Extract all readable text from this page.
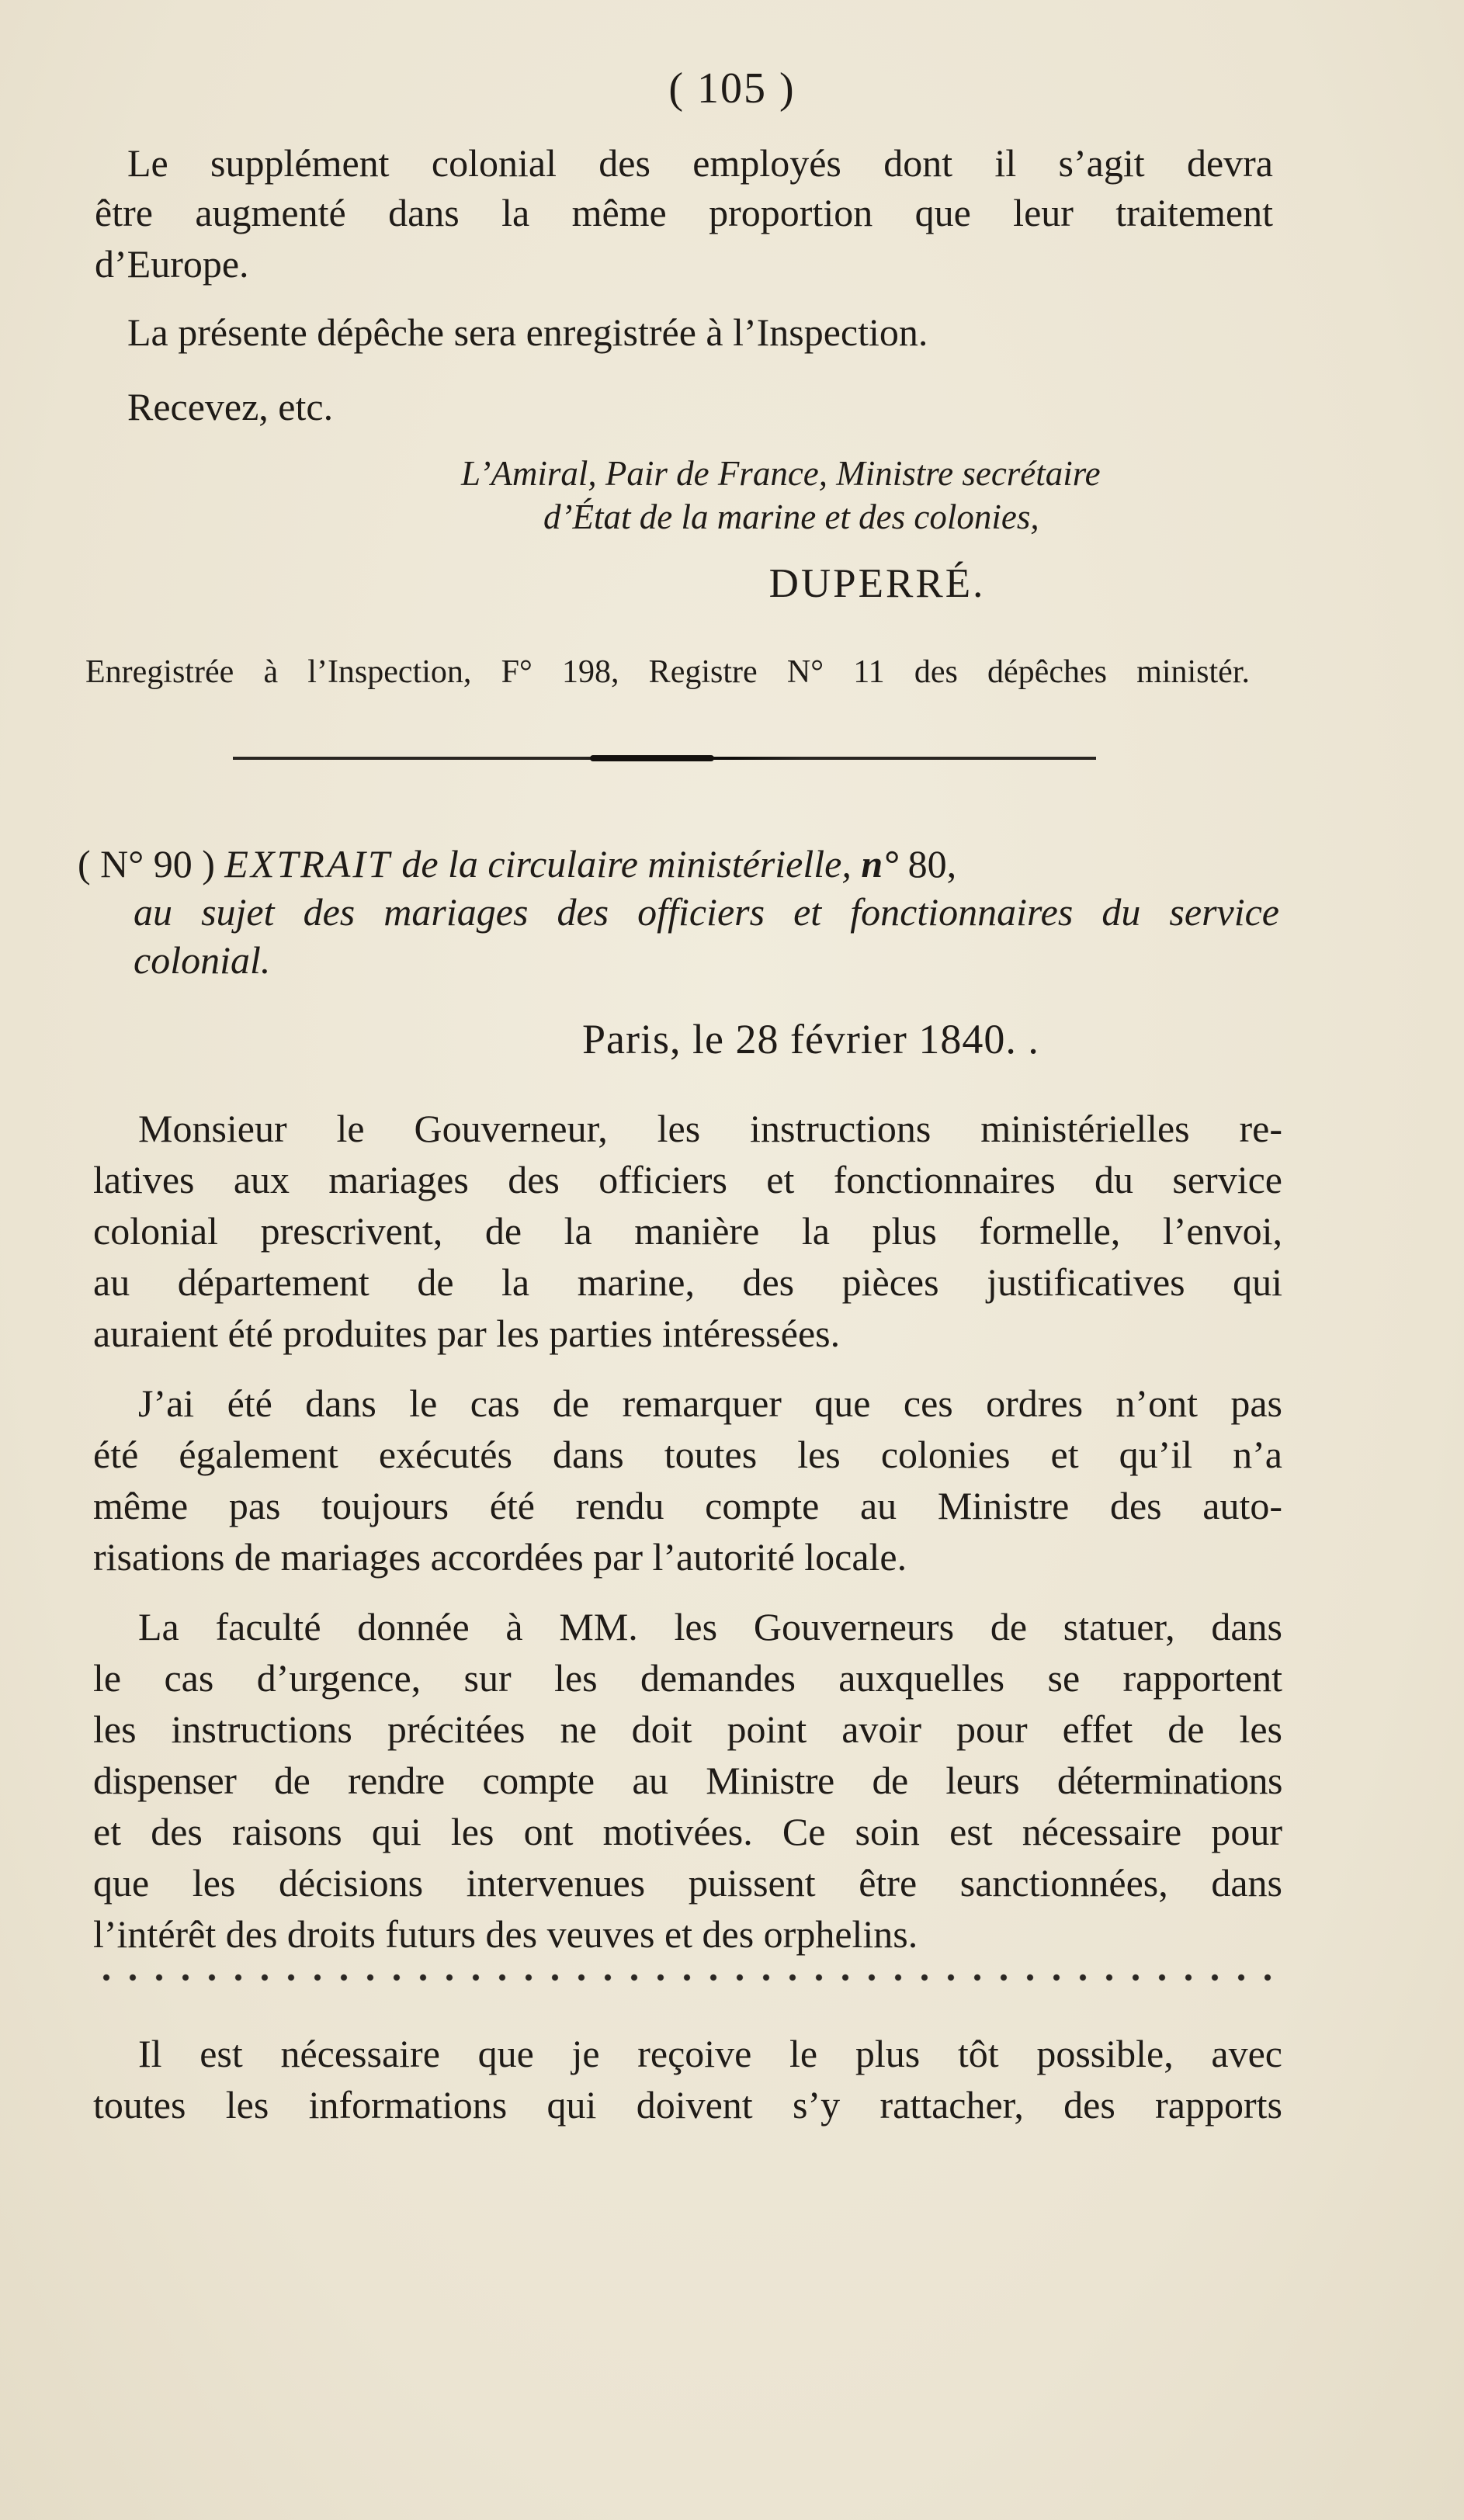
( 105 )

Le supplément colonial des employés dont il s’agit devra

être augmenté dans la même proportion que leur traitement

d’Europe.

La présente dépêche sera enregistrée à l’Inspection.

Recevez, etc.

L’Amiral, Pair de France, Ministre secrétaire

d’État de la marine et des colonies,

DUPERRÉ.

Enregistrée à l’Inspection, F° 198, Registre N° 11 des dépêches ministér.

( N° 90 ) EXTRAIT de la circulaire ministérielle, n° 80,

au sujet des mariages des officiers et fonctionnaires du service

colonial.

Paris, le 28 février 1840. .

Monsieur le Gouverneur, les instructions ministérielles re-

latives aux mariages des officiers et fonctionnaires du service

colonial prescrivent, de la manière la plus formelle, l’envoi,

au département de la marine, des pièces justificatives qui

auraient été produites par les parties intéressées.

J’ai été dans le cas de remarquer que ces ordres n’ont pas

été également exécutés dans toutes les colonies et qu’il n’a

même pas toujours été rendu compte au Ministre des auto-

risations de mariages accordées par l’autorité locale.

La faculté donnée à MM. les Gouverneurs de statuer, dans

le cas d’urgence, sur les demandes auxquelles se rapportent

les instructions précitées ne doit point avoir pour effet de les

dispenser de rendre compte au Ministre de leurs déterminations

et des raisons qui les ont motivées. Ce soin est nécessaire pour

que les décisions intervenues puissent être sanctionnées, dans

l’intérêt des droits futurs des veuves et des orphelins.

Il est nécessaire que je reçoive le plus tôt possible, avec

toutes les informations qui doivent s’y rattacher, des rapports
